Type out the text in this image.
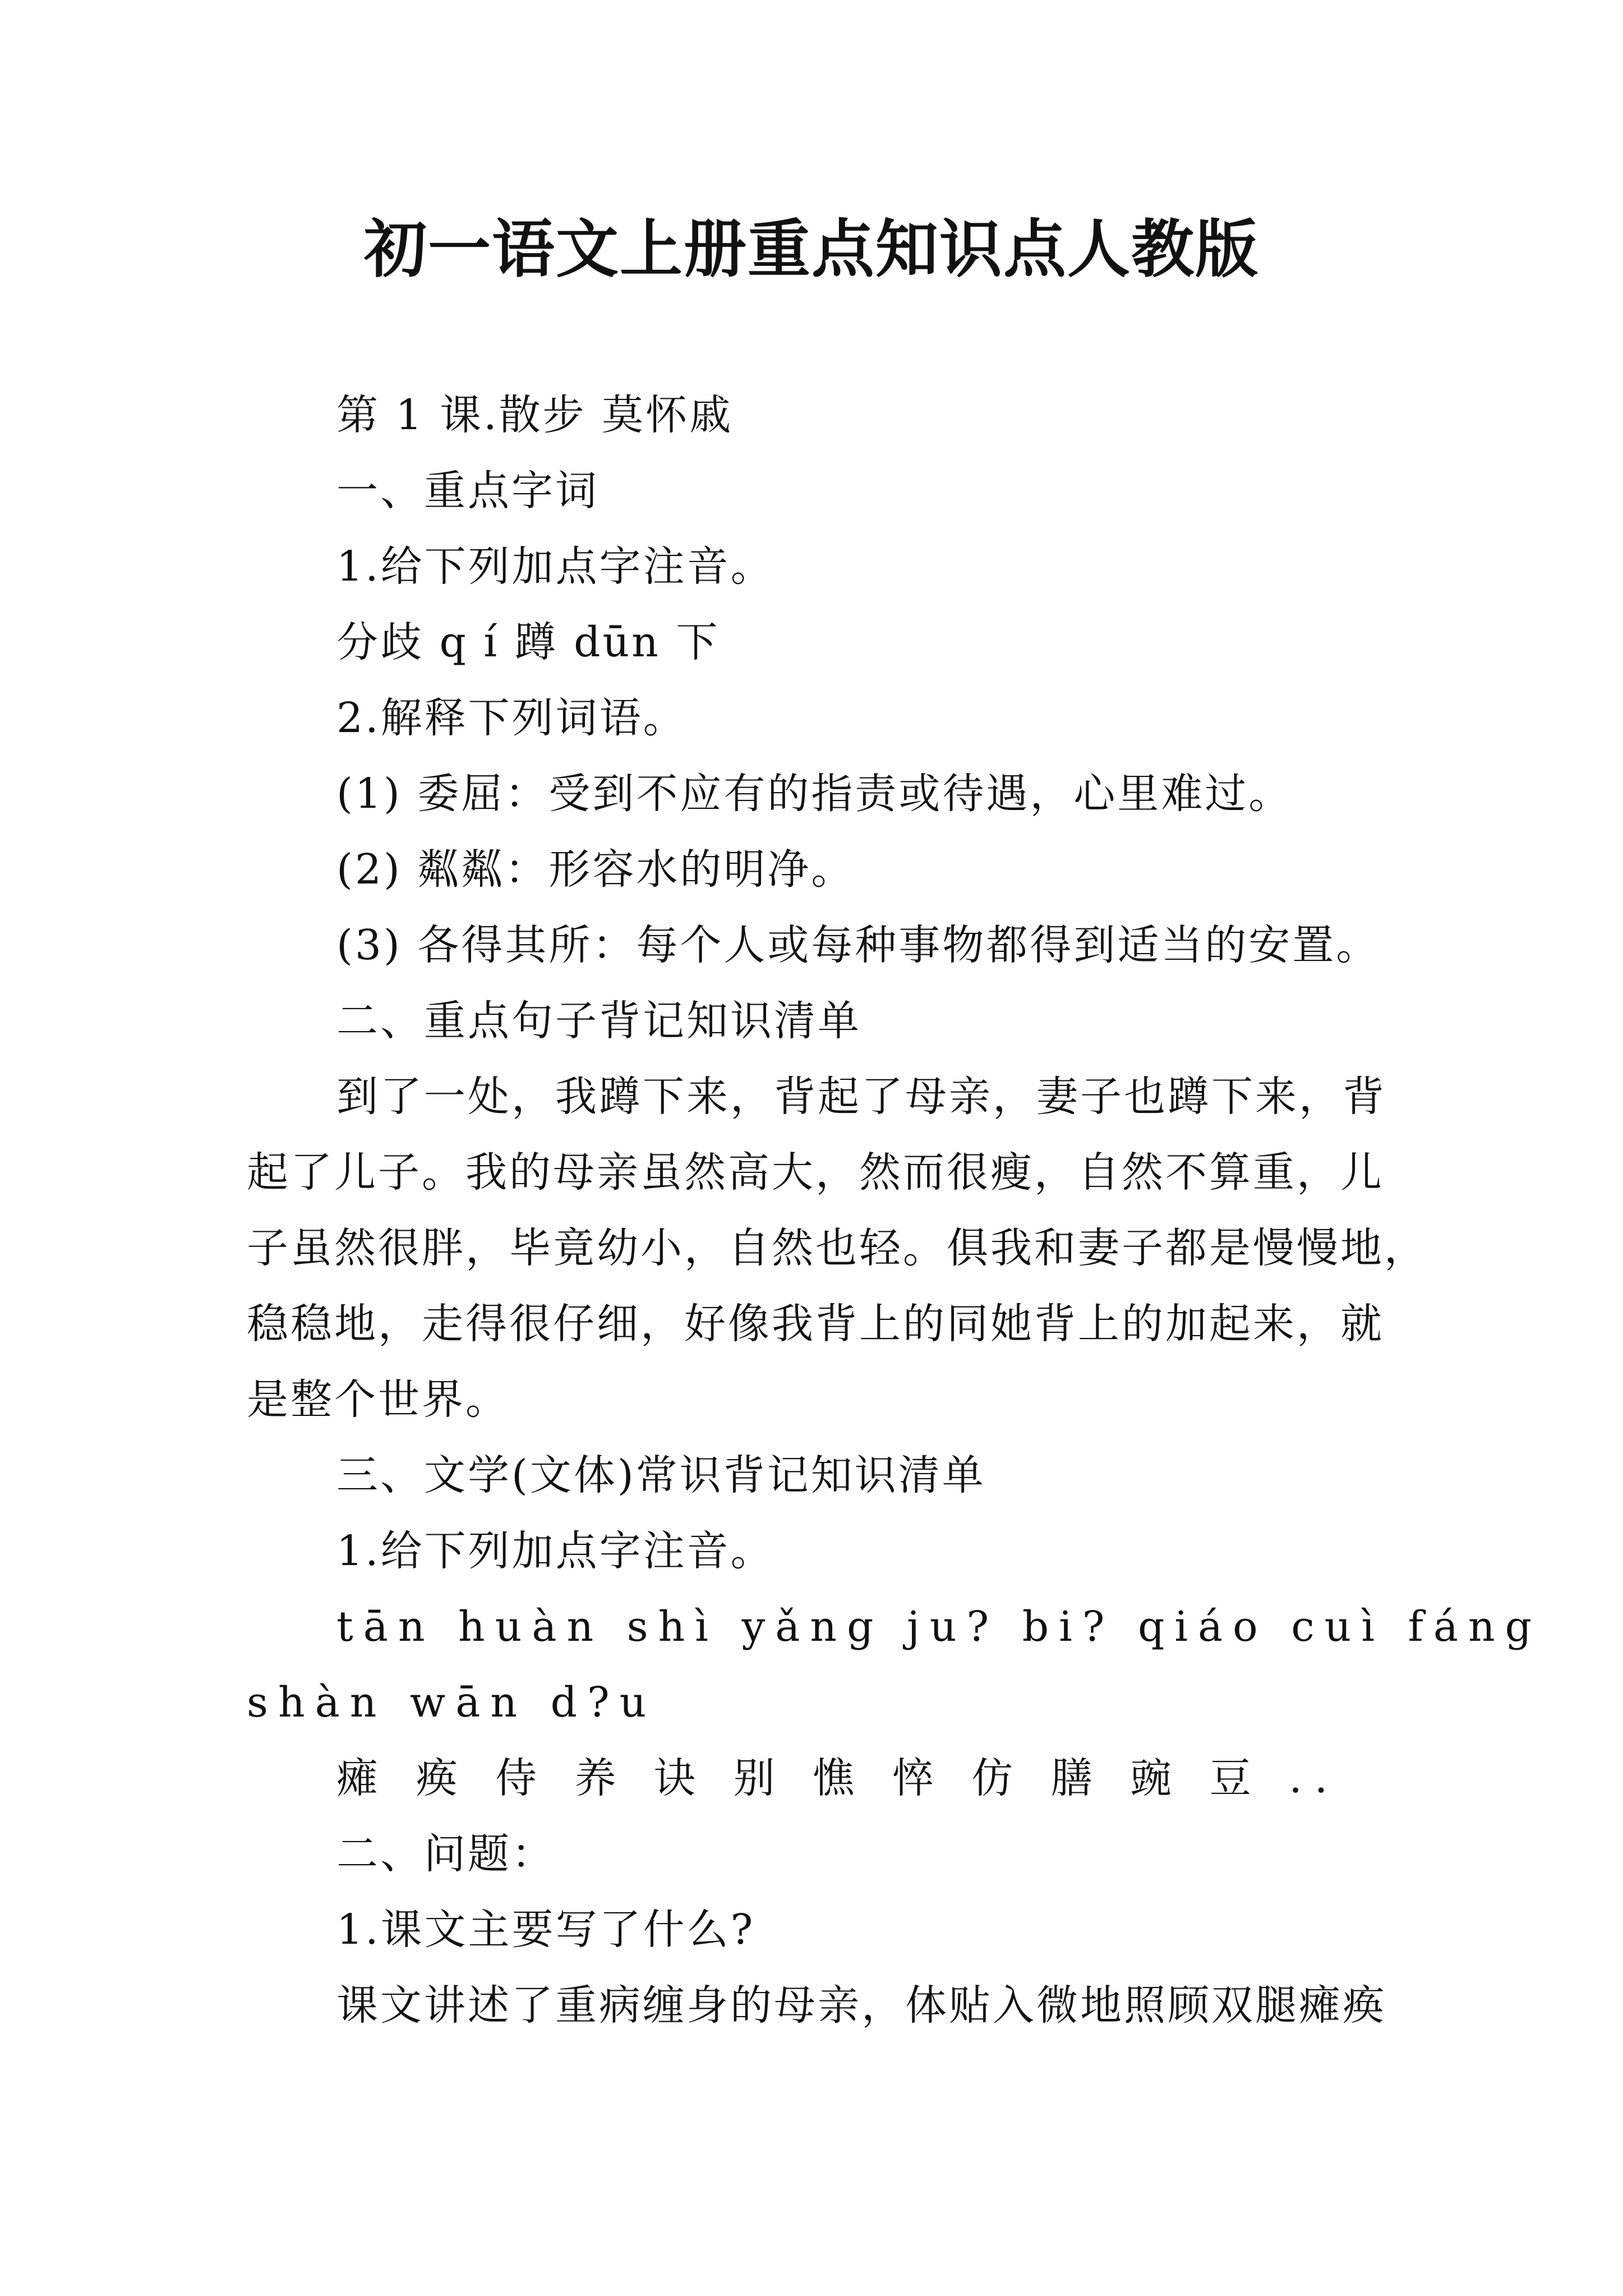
初一语文上册重点知识点人教版
第 1 课.散步 莫怀戚
一、重点字词
1.给下列加点字注音。
分歧 q í 蹲 dūn 下
2.解释下列词语。
(1) 委屈：受到不应有的指责或待遇，心里难过。
(2) 粼粼：形容水的明净。
(3) 各得其所：每个人或每种事物都得到适当的安置。
二、重点句子背记知识清单
到了一处，我蹲下来，背起了母亲，妻子也蹲下来，背
起了儿子。我的母亲虽然高大，然而很瘦，自然不算重，儿
子虽然很胖，毕竟幼小，自然也轻。俱我和妻子都是慢慢地，
稳稳地，走得很仔细，好像我背上的同她背上的加起来，就
是整个世界。
三、文学(文体)常识背记知识清单
1.给下列加点字注音。
tān huàn shì yǎng ju? bi? qiáo cuì fáng
shàn wān d?u
瘫 痪 侍 养 诀 别 憔 悴 仿 膳 豌 豆 ..
二、问题：
1.课文主要写了什么?
课文讲述了重病缠身的母亲，体贴入微地照顾双腿瘫痪
